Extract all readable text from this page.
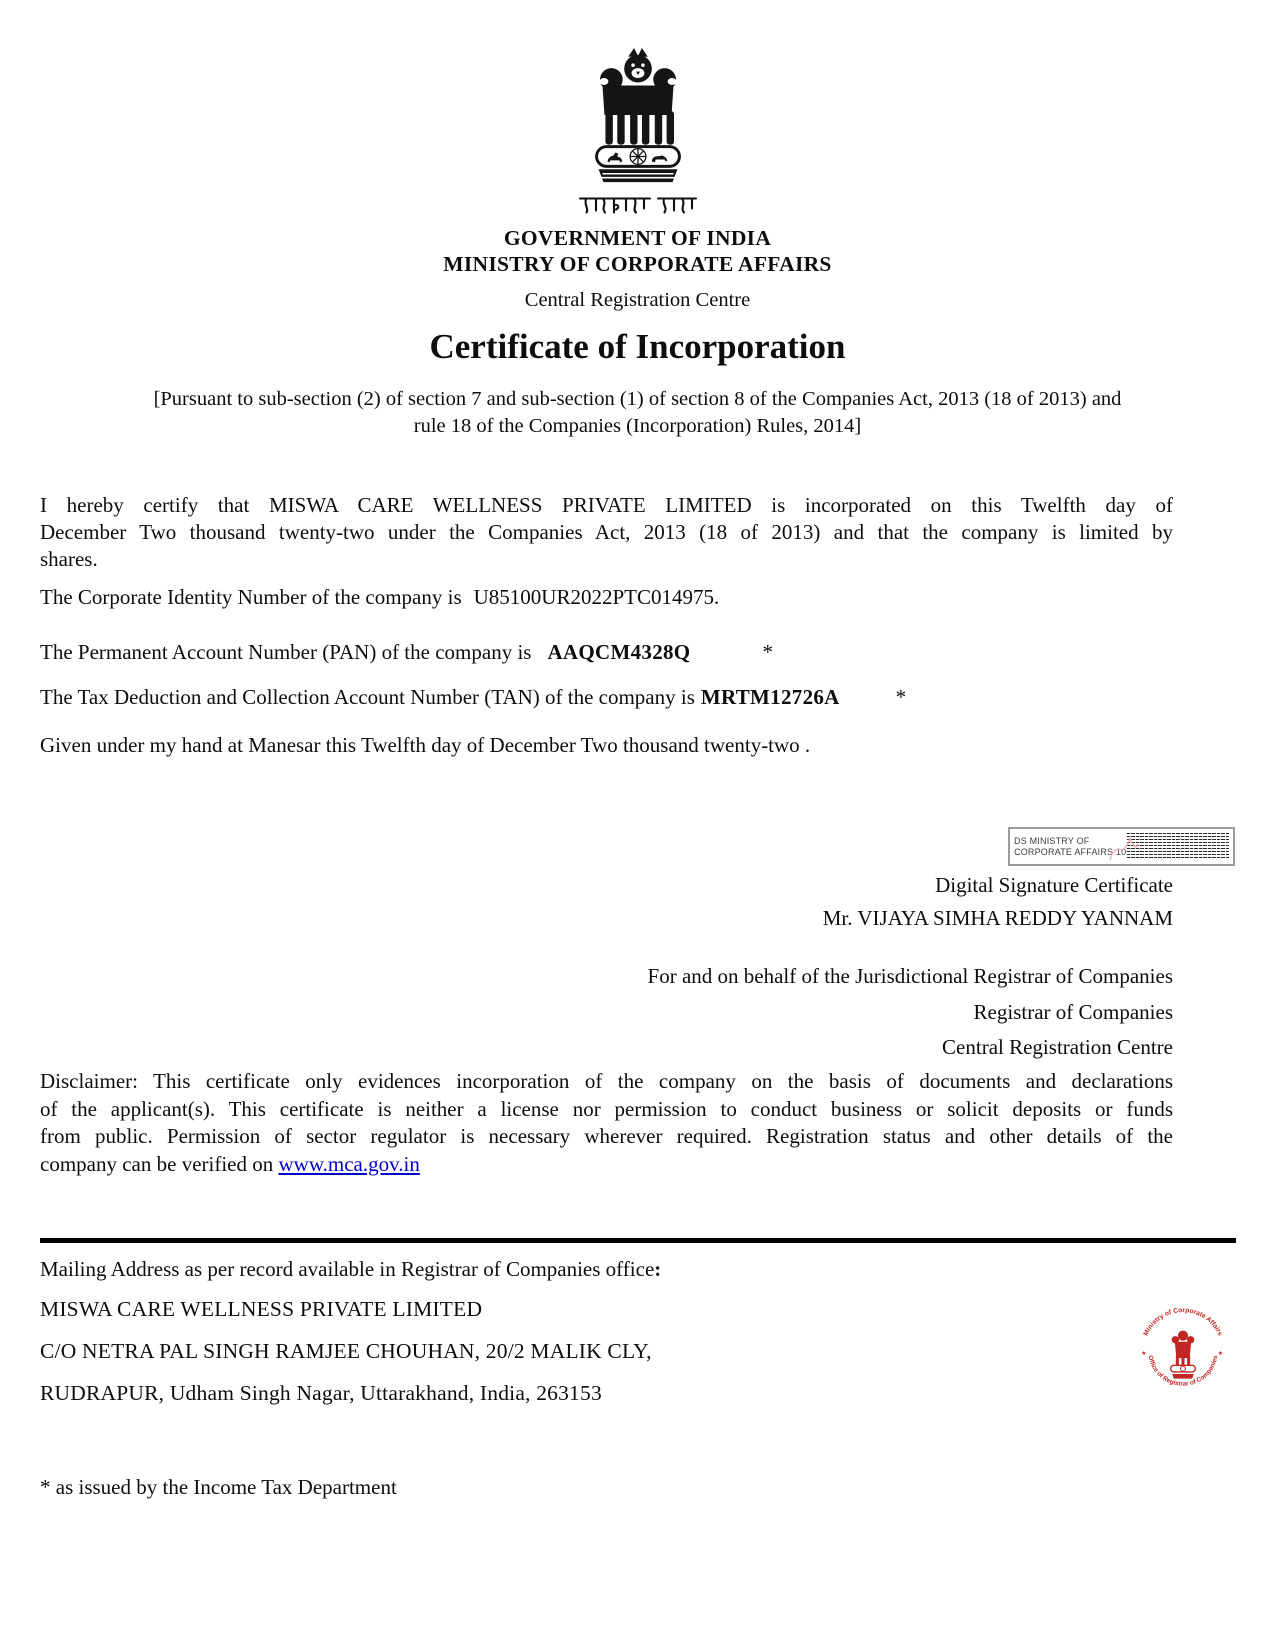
GOVERNMENT OF INDIA
MINISTRY OF CORPORATE AFFAIRS
Central Registration Centre
Certificate of Incorporation
[Pursuant to sub-section (2) of section 7 and sub-section (1) of section 8 of the Companies Act, 2013 (18 of 2013) and
rule 18 of the Companies (Incorporation) Rules, 2014]
I hereby certify that MISWA CARE WELLNESS PRIVATE LIMITED is incorporated on this Twelfth day of
December Two thousand twenty-two under the Companies Act, 2013 (18 of 2013) and that the company is limited by
shares.
The Corporate Identity Number of the company is U85100UR2022PTC014975.
The Permanent Account Number (PAN) of the company is AAQCM4328Q	*
The Tax Deduction and Collection Account Number (TAN) of the company is MRTM12726A	*
Given under my hand at Manesar this Twelfth day of December Two thousand twenty-two .
DS MINISTRY OF
CORPORATE AFFAIRS 10
Digital Signature Certificate
Mr. VIJAYA SIMHA REDDY YANNAM
For and on behalf of the Jurisdictional Registrar of Companies
Registrar of Companies
Central Registration Centre
Disclaimer: This certificate only evidences incorporation of the company on the basis of documents and declarations
of the applicant(s). This certificate is neither a license nor permission to conduct business or solicit deposits or funds
from public. Permission of sector regulator is necessary wherever required. Registration status and other details of the
company can be verified on www.mca.gov.in
Mailing Address as per record available in Registrar of Companies office:
MISWA CARE WELLNESS PRIVATE LIMITED
C/O NETRA PAL SINGH RAMJEE CHOUHAN, 20/2 MALIK CLY,
RUDRAPUR, Udham Singh Nagar, Uttarakhand, India, 263153
Ministry of Corporate Affairs
Office of Registrar of Companies
★	★
* as issued by the Income Tax Department
